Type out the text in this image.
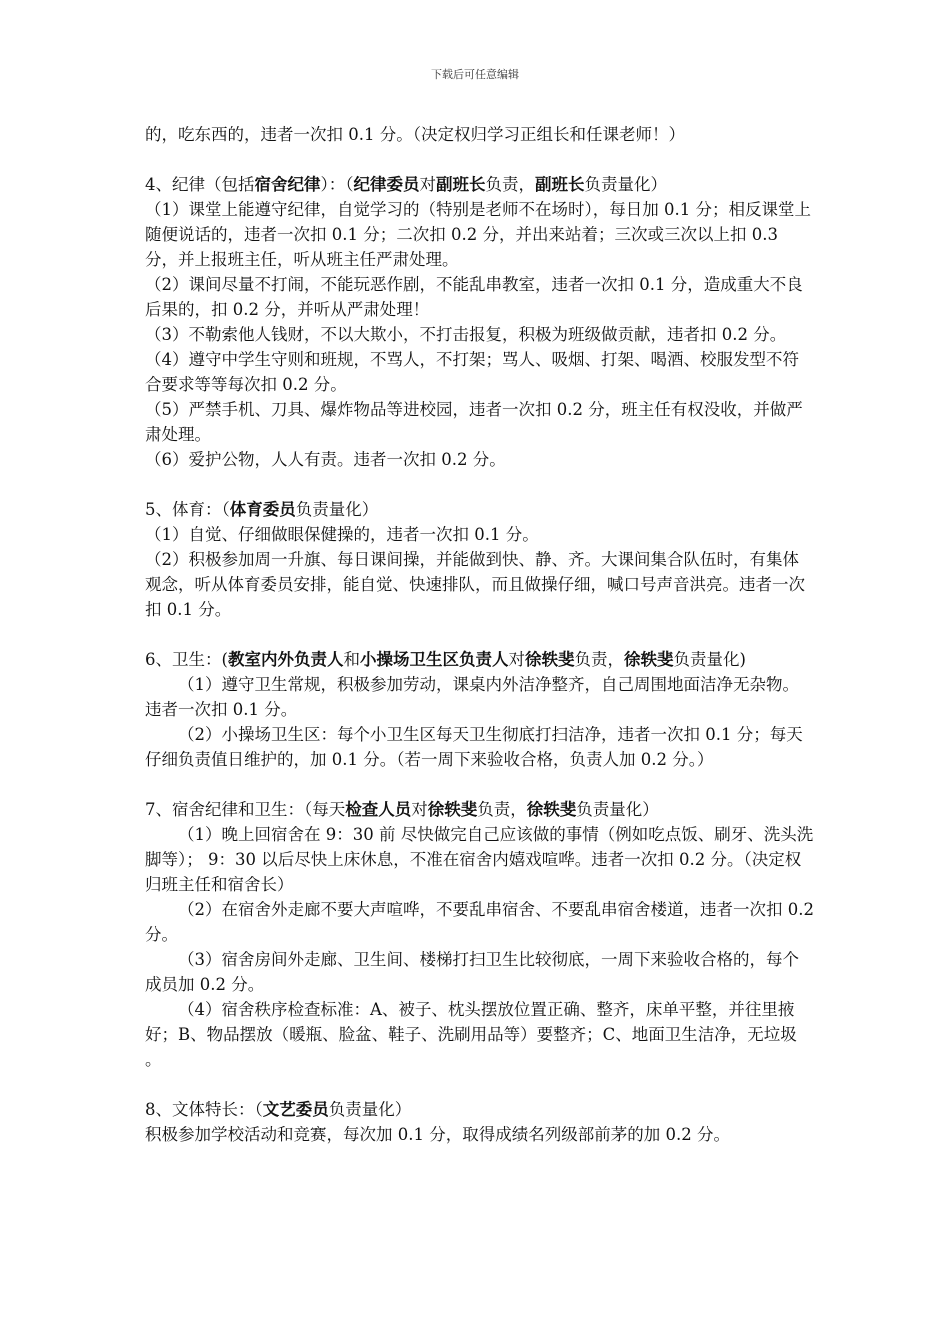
下载后可任意编辑

的，吃东西的，违者一次扣 0.1 分。（决定权归学习正组长和任课老师！）

4、纪律（包括宿舍纪律）：（纪律委员对副班长负责，副班长负责量化）

（1）课堂上能遵守纪律，自觉学习的（特别是老师不在场时），每日加 0.1 分；相反课堂上随便说话的，违者一次扣 0.1 分；二次扣 0.2 分，并出来站着；三次或三次以上扣 0.3 分，并上报班主任，听从班主任严肃处理。

（2）课间尽量不打闹，不能玩恶作剧，不能乱串教室，违者一次扣 0.1 分，造成重大不良后果的，扣 0.2 分，并听从严肃处理！

（3）不勒索他人钱财，不以大欺小，不打击报复，积极为班级做贡献，违者扣 0.2 分。

（4）遵守中学生守则和班规，不骂人，不打架；骂人、吸烟、打架、喝酒、校服发型不符合要求等等每次扣 0.2 分。

（5）严禁手机、刀具、爆炸物品等进校园，违者一次扣 0.2 分，班主任有权没收，并做严肃处理。

（6）爱护公物，人人有责。违者一次扣 0.2 分。

5、体育：（体育委员负责量化）

（1）自觉、仔细做眼保健操的，违者一次扣 0.1 分。

（2）积极参加周一升旗、每日课间操，并能做到快、静、齐。大课间集合队伍时，有集体观念，听从体育委员安排，能自觉、快速排队，而且做操仔细，喊口号声音洪亮。违者一次扣 0.1 分。

6、卫生：(教室内外负责人和小操场卫生区负责人对徐轶斐负责，徐轶斐负责量化)

（1）遵守卫生常规，积极参加劳动，课桌内外洁净整齐，自己周围地面洁净无杂物。违者一次扣 0.1 分。

（2）小操场卫生区：每个小卫生区每天卫生彻底打扫洁净，违者一次扣 0.1 分；每天仔细负责值日维护的，加 0.1 分。（若一周下来验收合格，负责人加 0.2 分。）

7、宿舍纪律和卫生：（每天检查人员对徐轶斐负责，徐轶斐负责量化）

（1）晚上回宿舍在 9：30 前 尽快做完自己应该做的事情（例如吃点饭、刷牙、洗头洗脚等）； 9：30 以后尽快上床休息，不准在宿舍内嬉戏喧哗。违者一次扣 0.2 分。（决定权归班主任和宿舍长）

（2）在宿舍外走廊不要大声喧哗，不要乱串宿舍、不要乱串宿舍楼道，违者一次扣 0.2 分。

（3）宿舍房间外走廊、卫生间、楼梯打扫卫生比较彻底，一周下来验收合格的，每个成员加 0.2 分。

（4）宿舍秩序检查标准：A、被子、枕头摆放位置正确、整齐，床单平整，并往里掖好；B、物品摆放（暖瓶、脸盆、鞋子、洗刷用品等）要整齐；C、地面卫生洁净，无垃圾 。

8、文体特长：（文艺委员负责量化）

积极参加学校活动和竞赛，每次加 0.1 分，取得成绩名列级部前茅的加 0.2 分。
